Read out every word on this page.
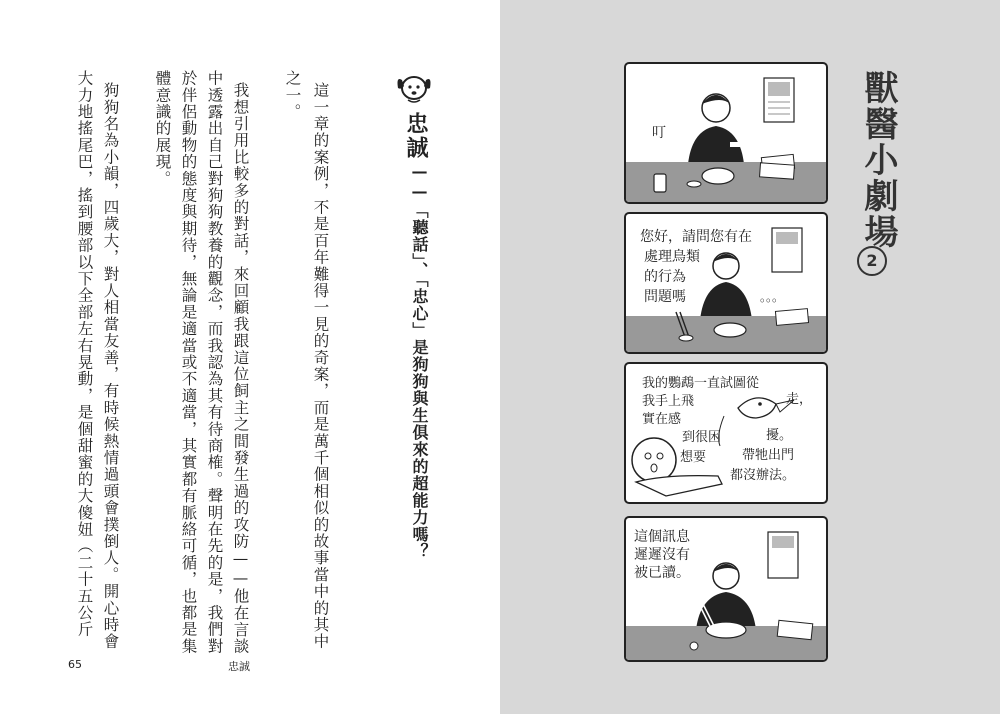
忠誠
——「聽話」、「忠心」是狗狗與生俱來的超能力嗎？
這一章的案例，不是百年難得一見的奇案，而是萬千個相似的故事當中的其中
之一。
我想引用比較多的對話，來回顧我跟這位飼主之間發生過的攻防——他在言談
中透露出自己對狗狗教養的觀念，而我認為其有待商榷。聲明在先的是，我們對
於伴侶動物的態度與期待，無論是適當或不適當，其實都有脈絡可循，也都是集
體意識的展現。
狗狗名為小韻，四歲大，對人相當友善，有時候熱情過頭會撲倒人。開心時會
大力地搖尾巴，搖到腰部以下全部左右晃動，是個甜蜜的大傻妞（二十五公斤
65	忠誠
獸醫小劇場
2
叮
您好，請問您有在
處理鳥類
的行為
問題嗎	。。。
我的鸚鵡一直試圖從
我手上飛	走，
實在感
到很困	擾。
想要	帶牠出門
都沒辦法。
這個訊息
遲遲沒有
被已讀。
